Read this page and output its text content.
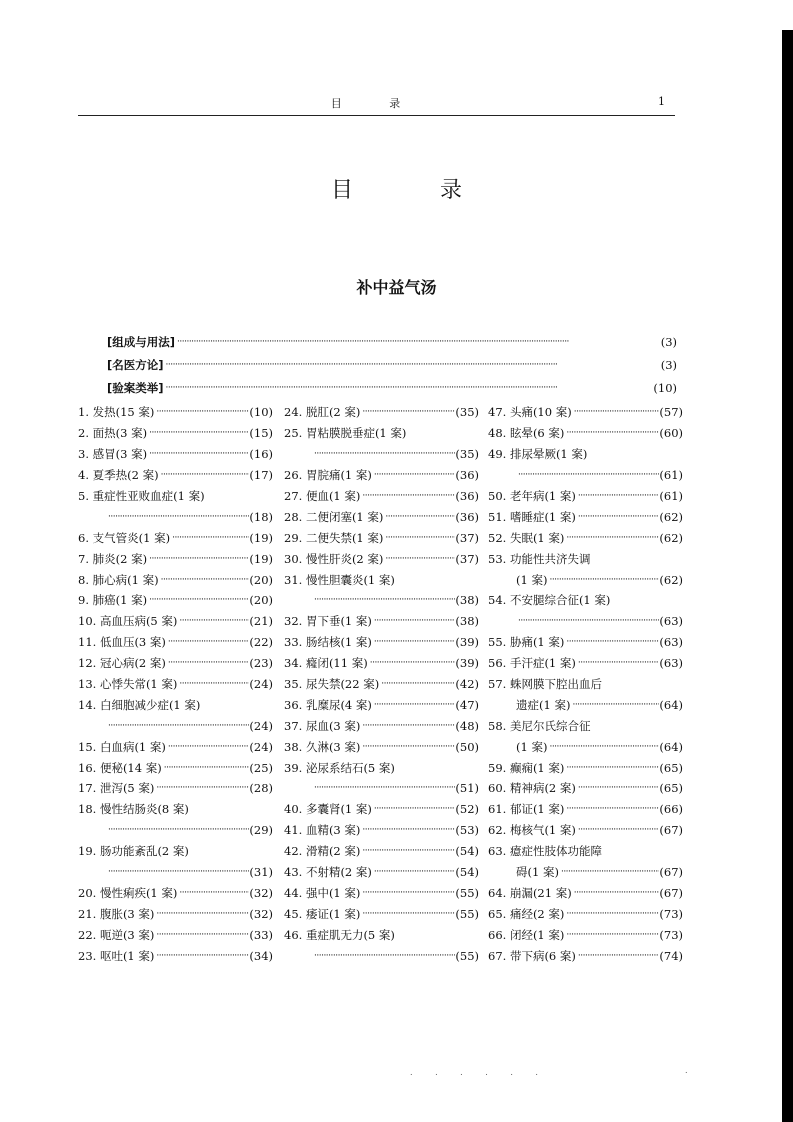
目 录	1
目 录
补中益气汤
[组成与用法] ·····	(3)
[名医方论] ·····	(3)
[验案类举] ·····	(10)
1. 发热(15 案) ·····	(10)
2. 面热(3 案) ·····	(15)
3. 感冒(3 案) ·····	(16)
4. 夏季热(2 案) ·····	(17)
5. 重症性亚败血症(1 案)
·····
(18)
6. 支气管炎(1 案) ·····	(19)
7. 肺炎(2 案) ·····	(19)
8. 肺心病(1 案) ·····	(20)
9. 肺癌(1 案) ·····	(20)
10. 高血压病(5 案) ·····	(21)
11. 低血压(3 案) ·····	(22)
12. 冠心病(2 案) ·····	(23)
13. 心悸失常(1 案) ·····	(24)
14. 白细胞减少症(1 案)
·····
(24)
15. 白血病(1 案) ·····	(24)
16. 便秘(14 案) ·····	(25)
17. 泄泻(5 案) ·····	(28)
18. 慢性结肠炎(8 案)
·····
(29)
19. 肠功能紊乱(2 案)
·····
(31)
20. 慢性痢疾(1 案) ·····	(32)
21. 腹胀(3 案) ·····	(32)
22. 呃逆(3 案) ·····	(33)
23. 呕吐(1 案) ·····	(34)
24. 脱肛(2 案) ·····	(35)
25. 胃粘膜脱垂症(1 案)
·····
(35)
26. 胃脘痛(1 案) ·····	(36)
27. 便血(1 案) ·····	(36)
28. 二便闭塞(1 案) ·····	(36)
29. 二便失禁(1 案) ·····	(37)
30. 慢性肝炎(2 案) ·····	(37)
31. 慢性胆囊炎(1 案)
·····
(38)
32. 胃下垂(1 案) ·····	(38)
33. 肠结核(1 案) ·····	(39)
34. 癃闭(11 案) ·····	(39)
35. 尿失禁(22 案) ·····	(42)
36. 乳糜尿(4 案) ·····	(47)
37. 尿血(3 案) ·····	(48)
38. 久淋(3 案) ·····	(50)
39. 泌尿系结石(5 案)
·····
(51)
40. 多囊肾(1 案) ·····	(52)
41. 血精(3 案) ·····	(53)
42. 滑精(2 案) ·····	(54)
43. 不射精(2 案) ·····	(54)
44. 强中(1 案) ·····	(55)
45. 痿证(1 案) ·····	(55)
46. 重症肌无力(5 案)
·····
(55)
47. 头痛(10 案) ·····	(57)
48. 眩晕(6 案) ·····	(60)
49. 排尿晕厥(1 案)
·····
(61)
50. 老年病(1 案) ·····	(61)
51. 嗜睡症(1 案) ·····	(62)
52. 失眠(1 案) ·····	(62)
53. 功能性共济失调
(1 案) ·····	(62)
54. 不安腿综合征(1 案)
·····
(63)
55. 胁痛(1 案) ·····	(63)
56. 手汗症(1 案) ·····	(63)
57. 蛛网膜下腔出血后
遗症(1 案) ·····	(64)
58. 美尼尔氏综合征
(1 案) ·····	(64)
59. 癫痫(1 案) ·····	(65)
60. 精神病(2 案) ·····	(65)
61. 郁证(1 案) ·····	(66)
62. 梅核气(1 案) ·····	(67)
63. 癔症性肢体功能障
碍(1 案) ·····	(67)
64. 崩漏(21 案) ·····	(67)
65. 痛经(2 案) ·····	(73)
66. 闭经(1 案) ·····	(73)
67. 带下病(6 案) ·····	(74)
. . . . . .	.
